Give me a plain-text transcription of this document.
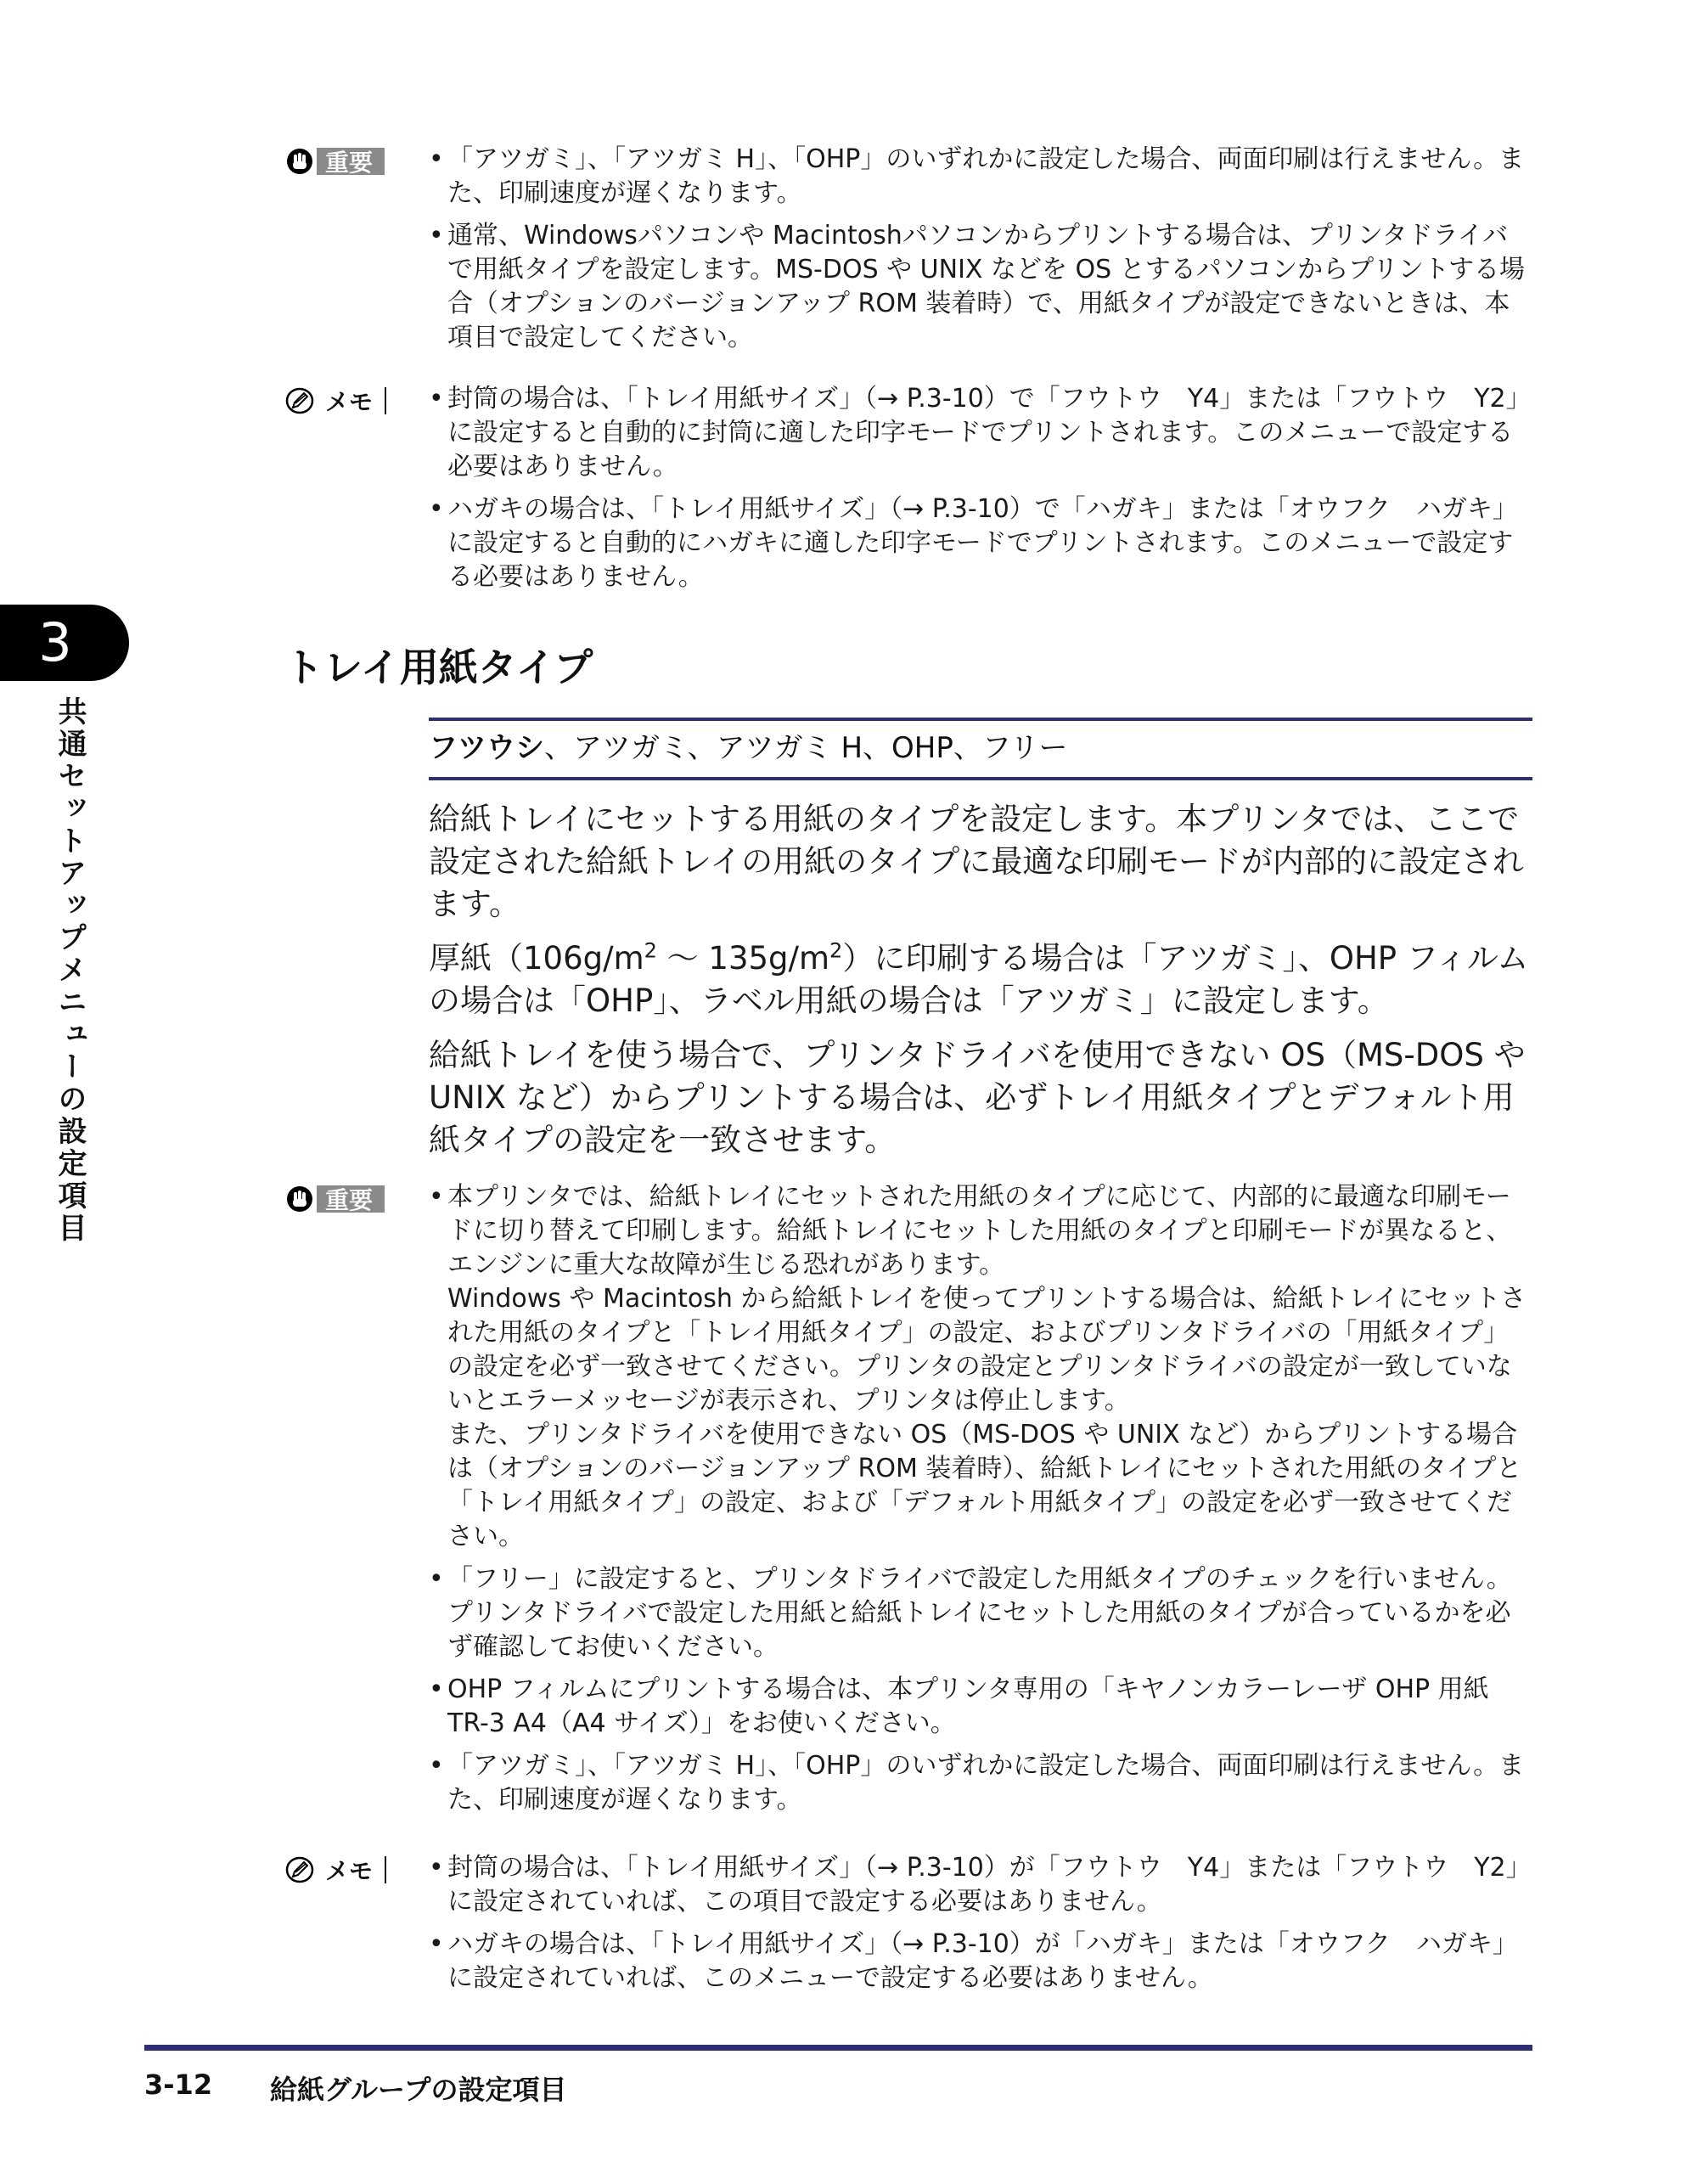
3
共通セットアップメニューの設定項目
重要	• 「アツガミ」、「アツガミ H」、「OHP」のいずれかに設定した場合、両面印刷は行えません。また、印刷速度が遅くなります。
• 通常、Windowsパソコンや Macintoshパソコンからプリントする場合は、プリンタドライバで用紙タイプを設定します。MS-DOS や UNIX などを OS とするパソコンからプリントする場合（オプションのバージョンアップ ROM 装着時）で、用紙タイプが設定できないときは、本項目で設定してください。
メモ	• 封筒の場合は、「トレイ用紙サイズ」（→ P.3-10）で「フウトウ　Y4」または「フウトウ　Y2」に設定すると自動的に封筒に適した印字モードでプリントされます。このメニューで設定する必要はありません。
• ハガキの場合は、「トレイ用紙サイズ」（→ P.3-10）で「ハガキ」または「オウフク　ハガキ」に設定すると自動的にハガキに適した印字モードでプリントされます。このメニューで設定する必要はありません。
トレイ用紙タイプ
フツウシ、アツガミ、アツガミ H、OHP、フリー

給紙トレイにセットする用紙のタイプを設定します。本プリンタでは、ここで設定された給紙トレイの用紙のタイプに最適な印刷モードが内部的に設定されます。

厚紙（$106g/m^2$ ～ $135g/m^2$）に印刷する場合は「アツガミ」、OHP フィルムの場合は「OHP」、ラベル用紙の場合は「アツガミ」に設定します。

給紙トレイを使う場合で、プリンタドライバを使用できない OS（MS-DOS や UNIX など）からプリントする場合は、必ずトレイ用紙タイプとデフォルト用紙タイプの設定を一致させます。

重要	• 本プリンタでは、給紙トレイにセットされた用紙のタイプに応じて、内部的に最適な印刷モードに切り替えて印刷します。給紙トレイにセットした用紙のタイプと印刷モードが異なると、エンジンに重大な故障が生じる恐れがあります。
Windows や Macintosh から給紙トレイを使ってプリントする場合は、給紙トレイにセットされた用紙のタイプと「トレイ用紙タイプ」の設定、およびプリンタドライバの「用紙タイプ」の設定を必ず一致させてください。プリンタの設定とプリンタドライバの設定が一致していないとエラーメッセージが表示され、プリンタは停止します。
また、プリンタドライバを使用できない OS（MS-DOS や UNIX など）からプリントする場合は（オプションのバージョンアップ ROM 装着時）、給紙トレイにセットされた用紙のタイプと「トレイ用紙タイプ」の設定、および「デフォルト用紙タイプ」の設定を必ず一致させてください。
• 「フリー」に設定すると、プリンタドライバで設定した用紙タイプのチェックを行いません。プリンタドライバで設定した用紙と給紙トレイにセットした用紙のタイプが合っているかを必ず確認してお使いください。
• OHP フィルムにプリントする場合は、本プリンタ専用の「キヤノンカラーレーザ OHP 用紙 TR-3 A4（A4 サイズ）」をお使いください。
• 「アツガミ」、「アツガミ H」、「OHP」のいずれかに設定した場合、両面印刷は行えません。また、印刷速度が遅くなります。
メモ	• 封筒の場合は、「トレイ用紙サイズ」（→ P.3-10）が「フウトウ　Y4」または「フウトウ　Y2」に設定されていれば、この項目で設定する必要はありません。
• ハガキの場合は、「トレイ用紙サイズ」（→ P.3-10）が「ハガキ」または「オウフク　ハガキ」に設定されていれば、このメニューで設定する必要はありません。
3-12 給紙グループの設定項目
